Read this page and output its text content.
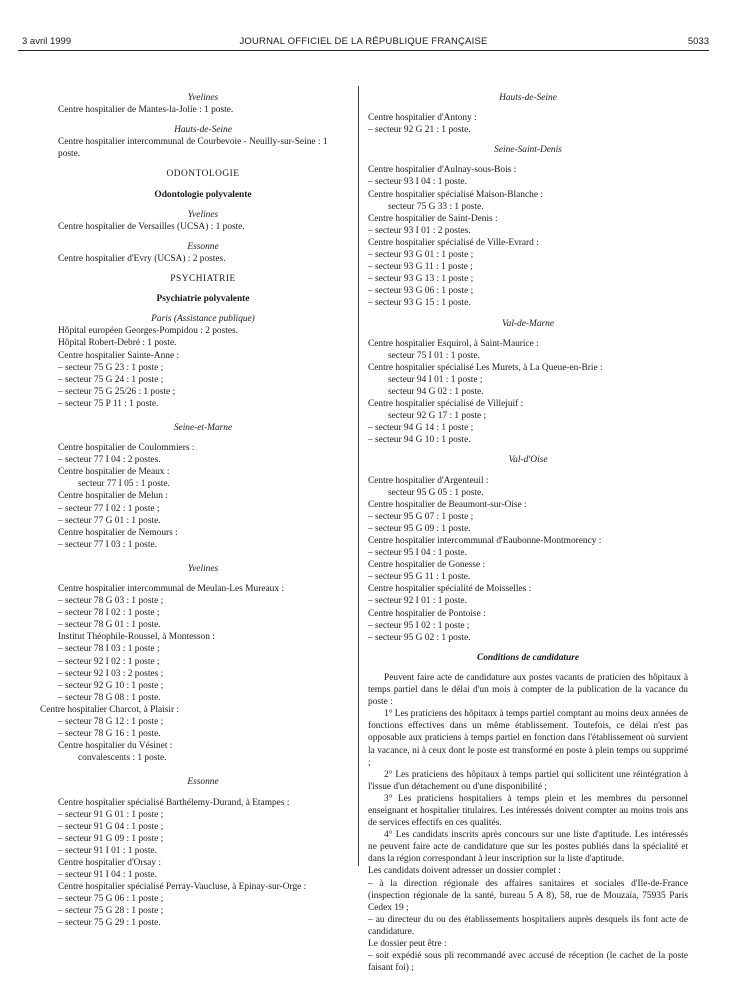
3 avril 1999	JOURNAL OFFICIEL DE LA RÉPUBLIQUE FRANÇAISE	5033

Yvelines

Centre hospitalier de Mantes-la-Jolie : 1 poste.

Hauts-de-Seine

Centre hospitalier intercommunal de Courbevoie - Neuilly-sur-Seine : 1 poste.

ODONTOLOGIE

Odontologie polyvalente

Yvelines

Centre hospitalier de Versailles (UCSA) : 1 poste.

Essonne

Centre hospitalier d'Evry (UCSA) : 2 postes.

PSYCHIATRIE

Psychiatrie polyvalente

Paris (Assistance publique)

Hôpital européen Georges-Pompidou : 2 postes.

Hôpital Robert-Debré : 1 poste.

Centre hospitalier Sainte-Anne :

– secteur 75 G 23 : 1 poste ;

– secteur 75 G 24 : 1 poste ;

– secteur 75 G 25/26 : 1 poste ;

– secteur 75 P 11 : 1 poste.

Seine-et-Marne

Centre hospitalier de Coulommiers :

– secteur 77 I 04 : 2 postes.

Centre hospitalier de Meaux :

secteur 77 I 05 : 1 poste.

Centre hospitalier de Melun :

– secteur 77 I 02 : 1 poste ;

– secteur 77 G 01 : 1 poste.

Centre hospitalier de Nemours :

– secteur 77 I 03 : 1 poste.

Yvelines

Centre hospitalier intercommunal de Meulan-Les Mureaux :

– secteur 78 G 03 : 1 poste ;

– secteur 78 I 02 : 1 poste ;

– secteur 78 G 01 : 1 poste.

Institut Théophile-Roussel, à Montesson :

– secteur 78 I 03 : 1 poste ;

– secteur 92 I 02 : 1 poste ;

– secteur 92 I 03 : 2 postes ;

– secteur 92 G 10 : 1 poste ;

– secteur 78 G 08 : 1 poste.

Centre hospitalier Charcot, à Plaisir :

– secteur 78 G 12 : 1 poste ;

– secteur 78 G 16 : 1 poste.

Centre hospitalier du Vésinet :

convalescents : 1 poste.

Essonne

Centre hospitalier spécialisé Barthélemy-Durand, à Etampes :

– secteur 91 G 01 : 1 poste ;

– secteur 91 G 04 : 1 poste ;

– secteur 91 G 09 : 1 poste ;

– secteur 91 I 01 : 1 poste.

Centre hospitalier d'Orsay :

– secteur 91 I 04 : 1 poste.

Centre hospitalier spécialisé Perray-Vaucluse, à Epinay-sur-Orge :

– secteur 75 G 06 : 1 poste ;

– secteur 75 G 28 : 1 poste ;

– secteur 75 G 29 : 1 poste.

Hauts-de-Seine

Centre hospitalier d'Antony :

– secteur 92 G 21 : 1 poste.

Seine-Saint-Denis

Centre hospitalier d'Aulnay-sous-Bois :

– secteur 93 I 04 : 1 poste.

Centre hospitalier spécialisé Maison-Blanche :

secteur 75 G 33 : 1 poste.

Centre hospitalier de Saint-Denis :

– secteur 93 I 01 : 2 postes.

Centre hospitalier spécialisé de Ville-Evrard :

– secteur 93 G 01 : 1 poste ;

– secteur 93 G 11 : 1 poste ;

– secteur 93 G 13 : 1 poste ;

– secteur 93 G 06 : 1 poste ;

– secteur 93 G 15 : 1 poste.

Val-de-Marne

Centre hospitalier Esquirol, à Saint-Maurice :

secteur 75 I 01 : 1 poste.

Centre hospitalier spécialisé Les Murets, à La Queue-en-Brie :

secteur 94 I 01 : 1 poste ;

secteur 94 G 02 : 1 poste.

Centre hospitalier spécialisé de Villejuif :

secteur 92 G 17 : 1 poste ;

– secteur 94 G 14 : 1 poste ;

– secteur 94 G 10 : 1 poste.

Val-d'Oise

Centre hospitalier d'Argenteuil :

secteur 95 G 05 : 1 poste.

Centre hospitalier de Beaumont-sur-Oise :

– secteur 95 G 07 : 1 poste ;

– secteur 95 G 09 : 1 poste.

Centre hospitalier intercommunal d'Eaubonne-Montmorency :

– secteur 95 I 04 : 1 poste.

Centre hospitalier de Gonesse :

– secteur 95 G 11 : 1 poste.

Centre hospitalier spécialité de Moisselles :

– secteur 92 I 01 : 1 poste.

Centre hospitalier de Pontoise :

– secteur 95 I 02 : 1 poste ;

– secteur 95 G 02 : 1 poste.

Conditions de candidature

Peuvent faire acte de candidature aux postes vacants de praticien des hôpitaux à temps partiel dans le délai d'un mois à compter de la publication de la vacance du poste :

1° Les praticiens des hôpitaux à temps partiel comptant au moins deux années de fonctions effectives dans un même établissement. Toutefois, ce délai n'est pas opposable aux praticiens à temps partiel en fonction dans l'établissement où survient la vacance, ni à ceux dont le poste est transformé en poste à plein temps ou supprimé ;

2° Les praticiens des hôpitaux à temps partiel qui sollicitent une réintégration à l'issue d'un détachement ou d'une disponibilité ;

3° Les praticiens hospitaliers à temps plein et les membres du personnel enseignant et hospitalier titulaires. Les intéressés doivent compter au moins trois ans de services effectifs en ces qualités.

4° Les candidats inscrits après concours sur une liste d'aptitude. Les intéressés ne peuvent faire acte de candidature que sur les postes publiés dans la spécialité et dans la région correspondant à leur inscription sur la liste d'aptitude.

Les candidats doivent adresser un dossier complet :

– à la direction régionale des affaires sanitaires et sociales d'Ile-de-France (inspection régionale de la santé, bureau 5 A 8), 58, rue de Mouzaïa, 75935 Paris Cedex 19 ;

– au directeur du ou des établissements hospitaliers auprès desquels ils font acte de candidature.

Le dossier peut être :

– soit expédié sous pli recommandé avec accusé de réception (le cachet de la poste faisant foi) ;
